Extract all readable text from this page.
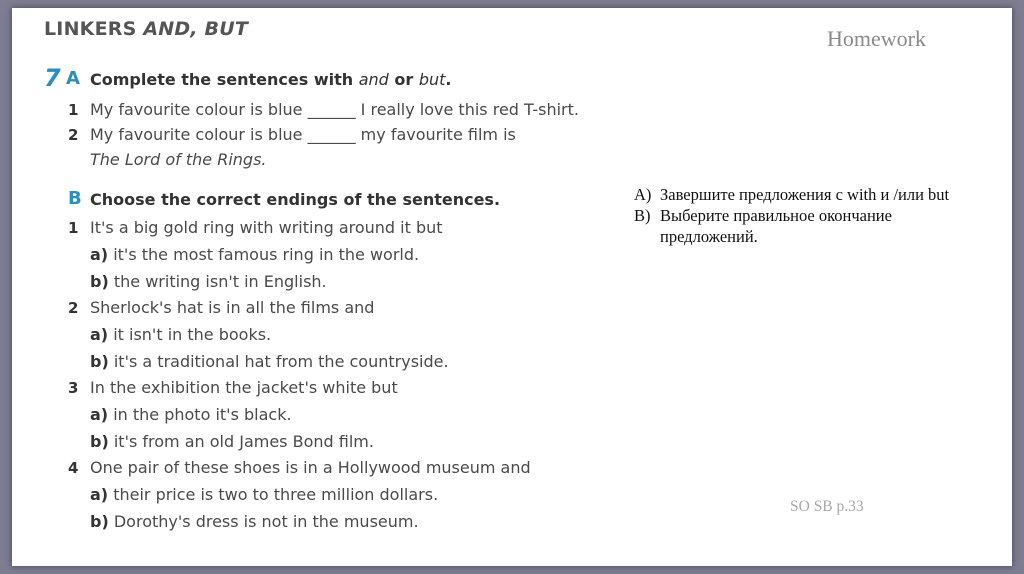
LINKERS AND, BUT	Homework
7 A Complete the sentences with and or but.
1 My favourite colour is blue ______ I really love this red T-shirt.
2 My favourite colour is blue ______ my favourite film is
The Lord of the Rings.
B Choose the correct endings of the sentences.
1 It's a big gold ring with writing around it but
a) it's the most famous ring in the world.
b) the writing isn't in English.
2 Sherlock's hat is in all the films and
a) it isn't in the books.
b) it's a traditional hat from the countryside.
3 In the exhibition the jacket's white but
a) in the photo it's black.
b) it's from an old James Bond film.
4 One pair of these shoes is in a Hollywood museum and
a) their price is two to three million dollars.
b) Dorothy's dress is not in the museum.
A) Завершите предложения с with и /или but
B) Выберите правильное окончание предложений.
SO SB p.33
